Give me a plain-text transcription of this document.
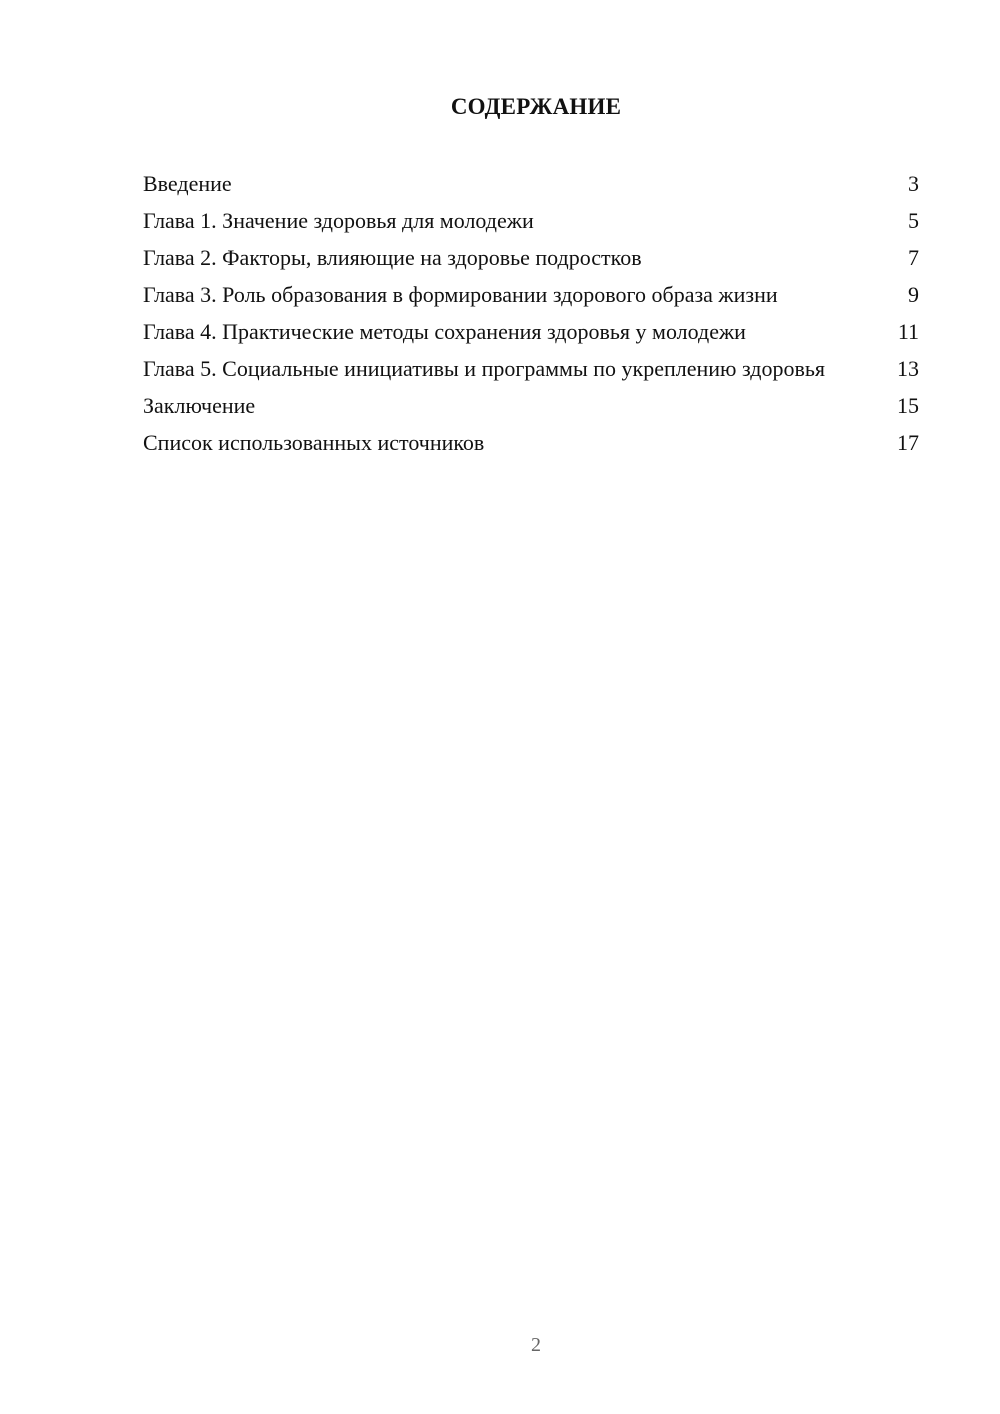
СОДЕРЖАНИЕ
Введение	3
Глава 1. Значение здоровья для молодежи	5
Глава 2. Факторы, влияющие на здоровье подростков	7
Глава 3. Роль образования в формировании здорового образа жизни	9
Глава 4. Практические методы сохранения здоровья у молодежи	11
Глава 5. Социальные инициативы и программы по укреплению здоровья	13
Заключение	15
Список использованных источников	17
2
